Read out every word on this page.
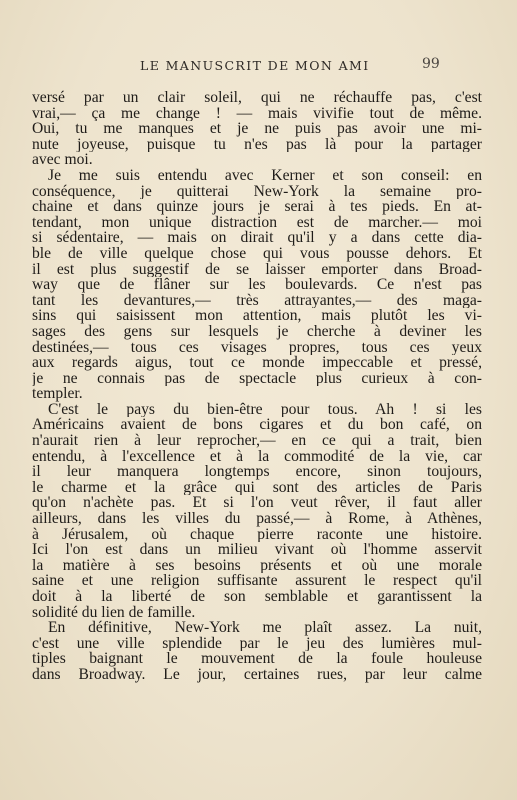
LE MANUSCRIT DE MON AMI	99
versé par un clair soleil, qui ne réchauffe pas, c'est
vrai,— ça me change ! — mais vivifie tout de même.
Oui, tu me manques et je ne puis pas avoir une mi-
nute joyeuse, puisque tu n'es pas là pour la partager
avec moi.
Je me suis entendu avec Kerner et son conseil: en
conséquence, je quitterai New-York la semaine pro-
chaine et dans quinze jours je serai à tes pieds. En at-
tendant, mon unique distraction est de marcher.— moi
si sédentaire, — mais on dirait qu'il y a dans cette dia-
ble de ville quelque chose qui vous pousse dehors. Et
il est plus suggestif de se laisser emporter dans Broad-
way que de flâner sur les boulevards. Ce n'est pas
tant les devantures,— très attrayantes,— des maga-
sins qui saisissent mon attention, mais plutôt les vi-
sages des gens sur lesquels je cherche à deviner les
destinées,— tous ces visages propres, tous ces yeux
aux regards aigus, tout ce monde impeccable et pressé,
je ne connais pas de spectacle plus curieux à con-
templer.
C'est le pays du bien-être pour tous. Ah ! si les
Américains avaient de bons cigares et du bon café, on
n'aurait rien à leur reprocher,— en ce qui a trait, bien
entendu, à l'excellence et à la commodité de la vie, car
il leur manquera longtemps encore, sinon toujours,
le charme et la grâce qui sont des articles de Paris
qu'on n'achète pas. Et si l'on veut rêver, il faut aller
ailleurs, dans les villes du passé,— à Rome, à Athènes,
à Jérusalem, où chaque pierre raconte une histoire.
Ici l'on est dans un milieu vivant où l'homme asservit
la matière à ses besoins présents et où une morale
saine et une religion suffisante assurent le respect qu'il
doit à la liberté de son semblable et garantissent la
solidité du lien de famille.
En définitive, New-York me plaît assez. La nuit,
c'est une ville splendide par le jeu des lumières mul-
tiples baignant le mouvement de la foule houleuse
dans Broadway. Le jour, certaines rues, par leur calme
